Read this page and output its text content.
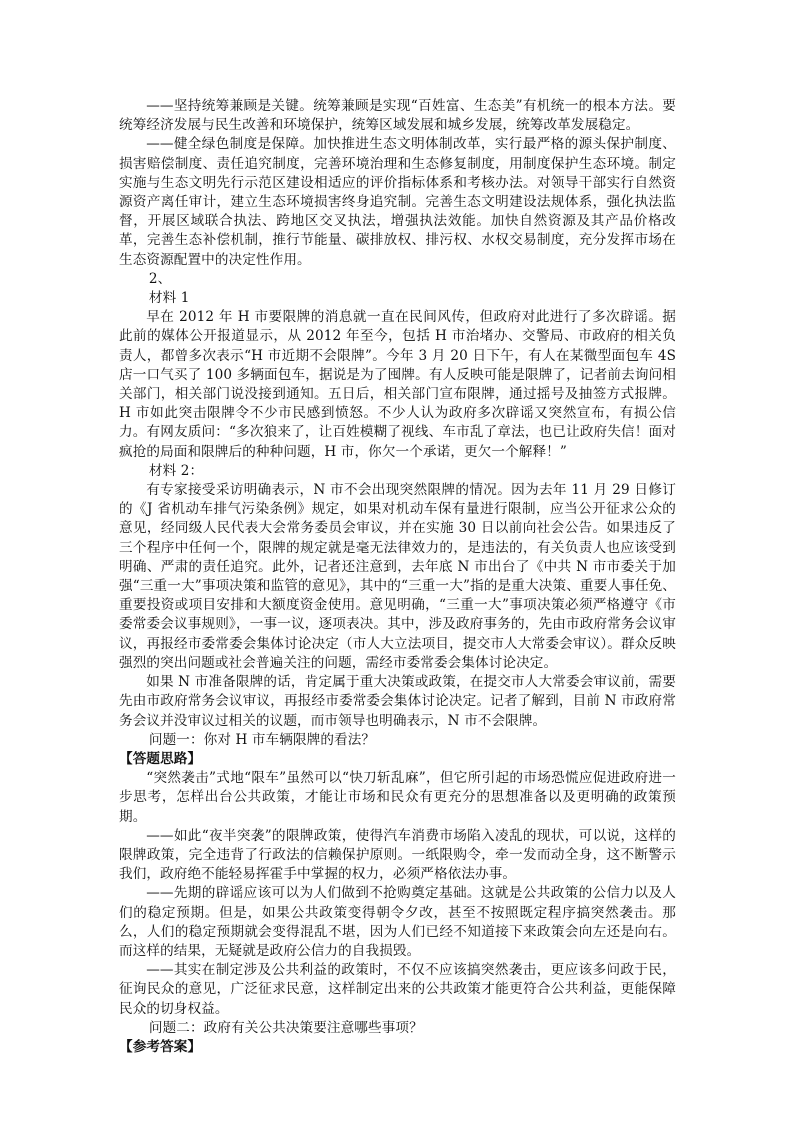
——坚持统筹兼顾是关键。统筹兼顾是实现“百姓富、生态美”有机统一的根本方法。要统筹经济发展与民生改善和环境保护，统筹区域发展和城乡发展，统筹改革发展稳定。

——健全绿色制度是保障。加快推进生态文明体制改革，实行最严格的源头保护制度、损害赔偿制度、责任追究制度，完善环境治理和生态修复制度，用制度保护生态环境。制定实施与生态文明先行示范区建设相适应的评价指标体系和考核办法。对领导干部实行自然资源资产离任审计，建立生态环境损害终身追究制。完善生态文明建设法规体系，强化执法监督，开展区域联合执法、跨地区交叉执法，增强执法效能。加快自然资源及其产品价格改革，完善生态补偿机制，推行节能量、碳排放权、排污权、水权交易制度，充分发挥市场在生态资源配置中的决定性作用。

2、

材料 1

早在 2012 年 H 市要限牌的消息就一直在民间风传，但政府对此进行了多次辟谣。据此前的媒体公开报道显示，从 2012 年至今，包括 H 市治堵办、交警局、市政府的相关负责人，都曾多次表示“H 市近期不会限牌”。今年 3 月 20 日下午，有人在某微型面包车 4S 店一口气买了 100 多辆面包车，据说是为了囤牌。有人反映可能是限牌了，记者前去询问相关部门，相关部门说没接到通知。五日后，相关部门宣布限牌，通过摇号及抽签方式报牌。H 市如此突击限牌令不少市民感到愤怒。不少人认为政府多次辟谣又突然宣布，有损公信力。有网友质问：“多次狼来了，让百姓模糊了视线、车市乱了章法，也已让政府失信！面对疯抢的局面和限牌后的种种问题，H 市，你欠一个承诺，更欠一个解释！”

材料 2：

有专家接受采访明确表示，N 市不会出现突然限牌的情况。因为去年 11 月 29 日修订的《J 省机动车排气污染条例》规定，如果对机动车保有量进行限制，应当公开征求公众的意见，经同级人民代表大会常务委员会审议，并在实施 30 日以前向社会公告。如果违反了三个程序中任何一个，限牌的规定就是毫无法律效力的，是违法的，有关负责人也应该受到明确、严肃的责任追究。此外，记者还注意到，去年底 N 市出台了《中共 N 市市委关于加强“三重一大”事项决策和监管的意见》，其中的“三重一大”指的是重大决策、重要人事任免、重要投资或项目安排和大额度资金使用。意见明确，“三重一大”事项决策必须严格遵守《市委常委会议事规则》，一事一议，逐项表决。其中，涉及政府事务的，先由市政府常务会议审议，再报经市委常委会集体讨论决定（市人大立法项目，提交市人大常委会审议）。群众反映强烈的突出问题或社会普遍关注的问题，需经市委常委会集体讨论决定。

如果 N 市准备限牌的话，肯定属于重大决策或政策，在提交市人大常委会审议前，需要先由市政府常务会议审议，再报经市委常委会集体讨论决定。记者了解到，目前 N 市政府常务会议并没审议过相关的议题，而市领导也明确表示，N 市不会限牌。

问题一：你对 H 市车辆限牌的看法？

【答题思路】

“突然袭击”式地“限车”虽然可以“快刀斩乱麻”，但它所引起的市场恐慌应促进政府进一步思考，怎样出台公共政策，才能让市场和民众有更充分的思想准备以及更明确的政策预期。

——如此“夜半突袭”的限牌政策，使得汽车消费市场陷入凌乱的现状，可以说，这样的限牌政策，完全违背了行政法的信赖保护原则。一纸限购令，牵一发而动全身，这不断警示我们，政府绝不能轻易挥霍手中掌握的权力，必须严格依法办事。

——先期的辟谣应该可以为人们做到不抢购奠定基础。这就是公共政策的公信力以及人们的稳定预期。但是，如果公共政策变得朝令夕改，甚至不按照既定程序搞突然袭击。那么，人们的稳定预期就会变得混乱不堪，因为人们已经不知道接下来政策会向左还是向右。而这样的结果，无疑就是政府公信力的自我损毁。

——其实在制定涉及公共利益的政策时，不仅不应该搞突然袭击，更应该多问政于民，征询民众的意见，广泛征求民意，这样制定出来的公共政策才能更符合公共利益，更能保障民众的切身权益。

问题二：政府有关公共决策要注意哪些事项？

【参考答案】
